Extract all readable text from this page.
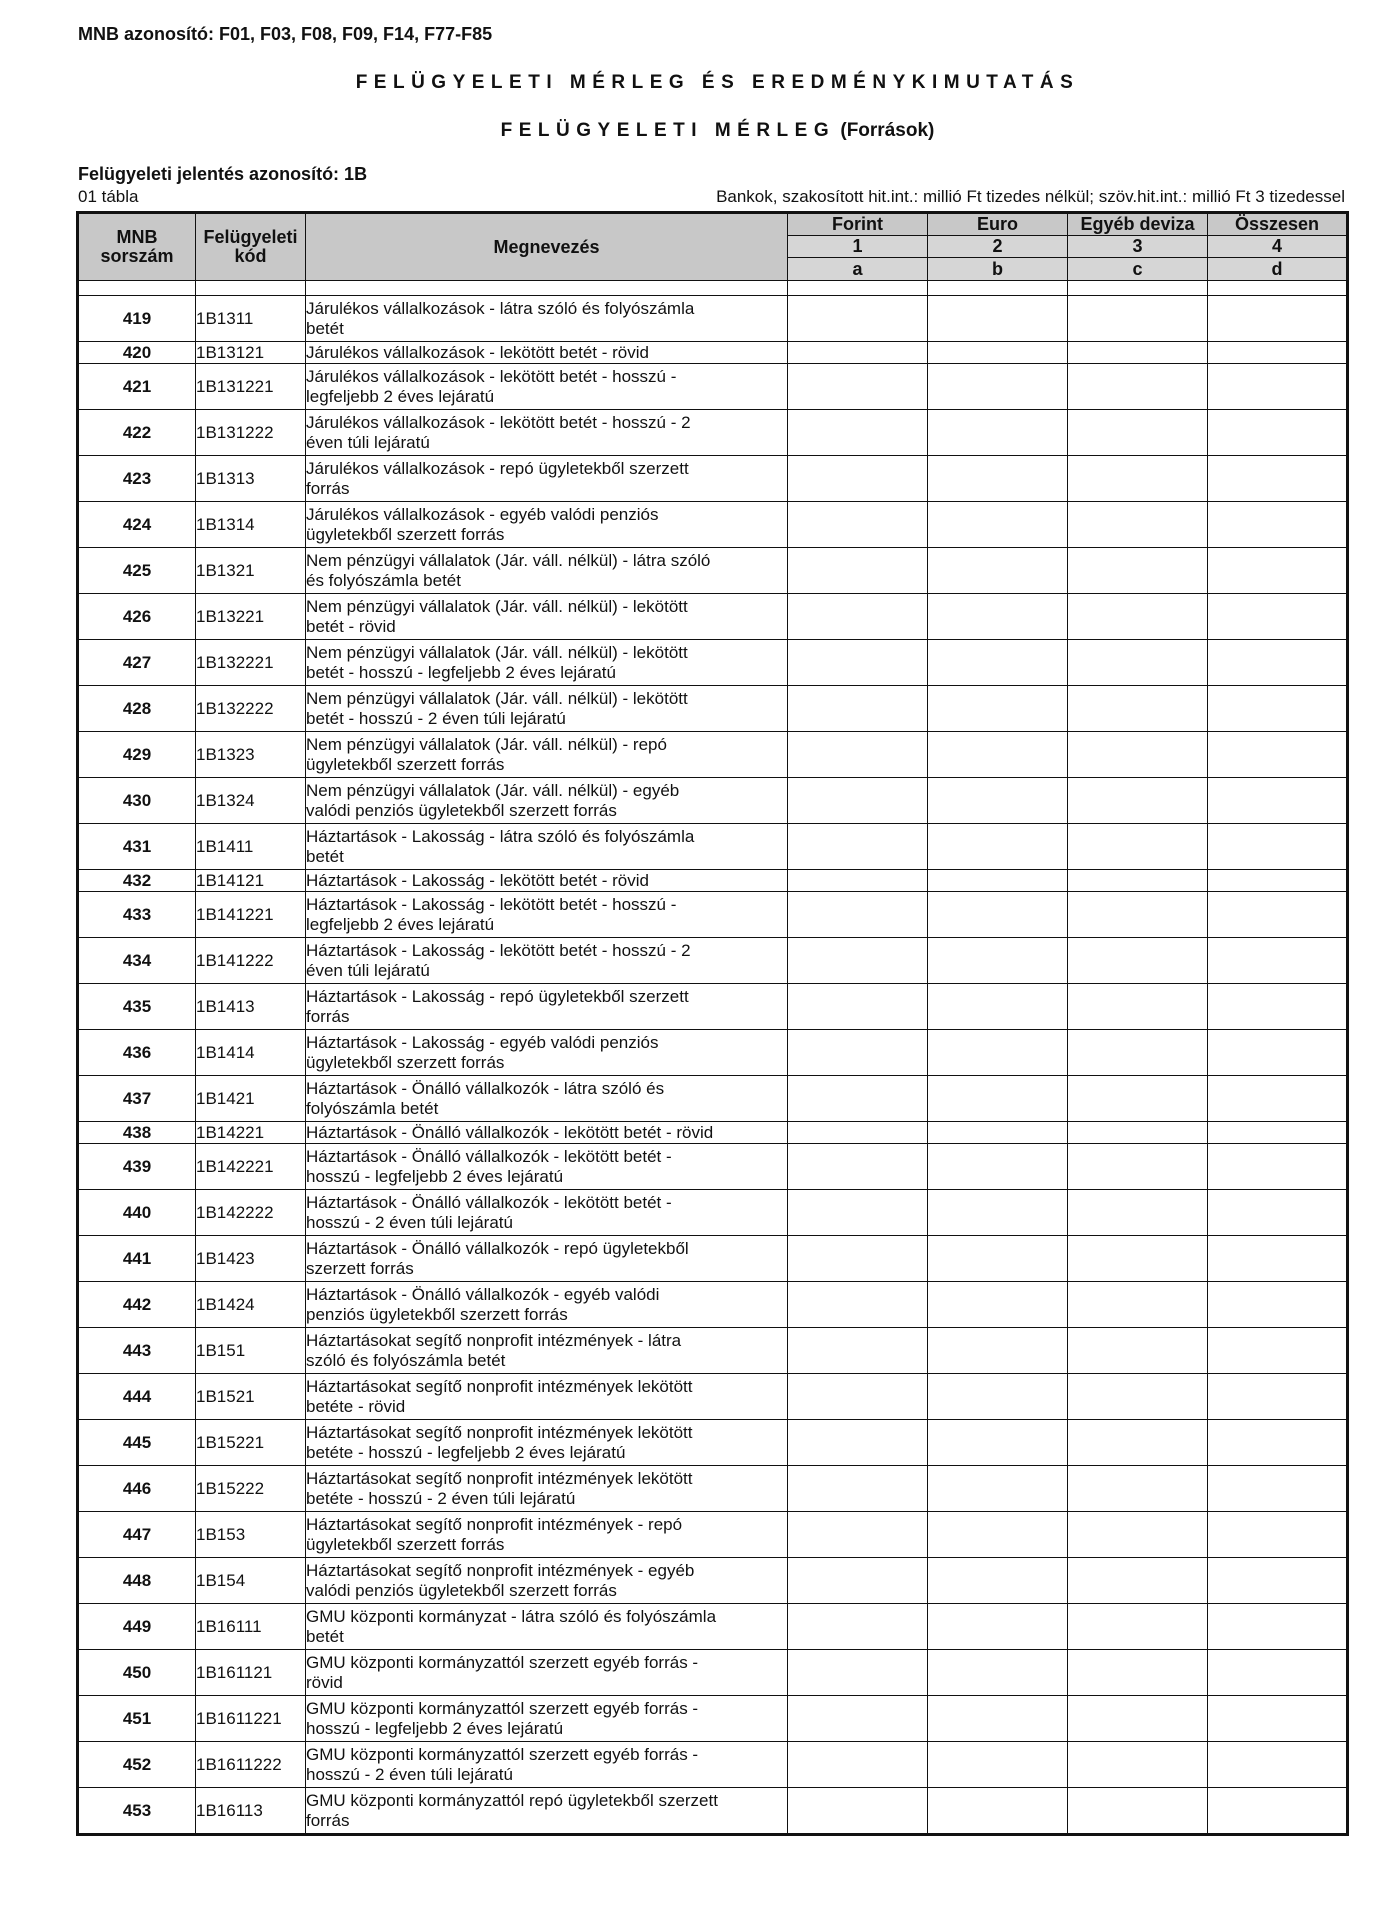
MNB azonosító: F01, F03, F08, F09, F14, F77-F85
FELÜGYELETI MÉRLEG ÉS EREDMÉNYKIMUTATÁS
FELÜGYELETI MÉRLEG (Források)
Felügyeleti jelentés azonosító: 1B
01 tábla	Bankok, szakosított hit.int.: millió Ft tizedes nélkül; szöv.hit.int.: millió Ft 3 tizedessel
MNB sorszám	Felügyeleti kód	Megnevezés	Forint	Euro	Egyéb deviza	Összesen
			1	2	3	4
			a	b	c	d

419	1B1311	Járulékos vállalkozások - látra szóló és folyószámla
betét				

420	1B13121	Járulékos vállalkozások - lekötött betét - rövid				

421	1B131221	Járulékos vállalkozások - lekötött betét - hosszú -
legfeljebb 2 éves lejáratú				

422	1B131222	Járulékos vállalkozások - lekötött betét - hosszú - 2
éven túli lejáratú				

423	1B1313	Járulékos vállalkozások - repó ügyletekből szerzett
forrás				

424	1B1314	Járulékos vállalkozások - egyéb valódi penziós
ügyletekből szerzett forrás				

425	1B1321	Nem pénzügyi vállalatok (Jár. váll. nélkül) - látra szóló
és folyószámla betét				

426	1B13221	Nem pénzügyi vállalatok (Jár. váll. nélkül) - lekötött
betét - rövid				

427	1B132221	Nem pénzügyi vállalatok (Jár. váll. nélkül) - lekötött
betét - hosszú - legfeljebb 2 éves lejáratú				

428	1B132222	Nem pénzügyi vállalatok (Jár. váll. nélkül) - lekötött
betét - hosszú - 2 éven túli lejáratú				

429	1B1323	Nem pénzügyi vállalatok (Jár. váll. nélkül) - repó
ügyletekből szerzett forrás				

430	1B1324	Nem pénzügyi vállalatok (Jár. váll. nélkül) - egyéb
valódi penziós ügyletekből szerzett forrás				

431	1B1411	Háztartások - Lakosság - látra szóló és folyószámla
betét				

432	1B14121	Háztartások - Lakosság - lekötött betét - rövid				

433	1B141221	Háztartások - Lakosság - lekötött betét - hosszú -
legfeljebb 2 éves lejáratú				

434	1B141222	Háztartások - Lakosság - lekötött betét - hosszú - 2
éven túli lejáratú				

435	1B1413	Háztartások - Lakosság - repó ügyletekből szerzett
forrás				

436	1B1414	Háztartások - Lakosság - egyéb valódi penziós
ügyletekből szerzett forrás				

437	1B1421	Háztartások - Önálló vállalkozók - látra szóló és
folyószámla betét				

438	1B14221	Háztartások - Önálló vállalkozók - lekötött betét - rövid				

439	1B142221	Háztartások - Önálló vállalkozók - lekötött betét -
hosszú - legfeljebb 2 éves lejáratú				

440	1B142222	Háztartások - Önálló vállalkozók - lekötött betét -
hosszú - 2 éven túli lejáratú				

441	1B1423	Háztartások - Önálló vállalkozók - repó ügyletekből
szerzett forrás				

442	1B1424	Háztartások - Önálló vállalkozók - egyéb valódi
penziós ügyletekből szerzett forrás				

443	1B151	Háztartásokat segítő nonprofit intézmények - látra
szóló és folyószámla betét				

444	1B1521	Háztartásokat segítő nonprofit intézmények lekötött
betéte - rövid				

445	1B15221	Háztartásokat segítő nonprofit intézmények lekötött
betéte - hosszú - legfeljebb 2 éves lejáratú				

446	1B15222	Háztartásokat segítő nonprofit intézmények lekötött
betéte - hosszú - 2 éven túli lejáratú				

447	1B153	Háztartásokat segítő nonprofit intézmények - repó
ügyletekből szerzett forrás				

448	1B154	Háztartásokat segítő nonprofit intézmények - egyéb
valódi penziós ügyletekből szerzett forrás				

449	1B16111	GMU központi kormányzat - látra szóló és folyószámla
betét				

450	1B161121	GMU központi kormányzattól szerzett egyéb forrás -
rövid				

451	1B1611221	GMU központi kormányzattól szerzett egyéb forrás -
hosszú - legfeljebb 2 éves lejáratú				

452	1B1611222	GMU központi kormányzattól szerzett egyéb forrás -
hosszú - 2 éven túli lejáratú				

453	1B16113	GMU központi kormányzattól repó ügyletekből szerzett
forrás				
